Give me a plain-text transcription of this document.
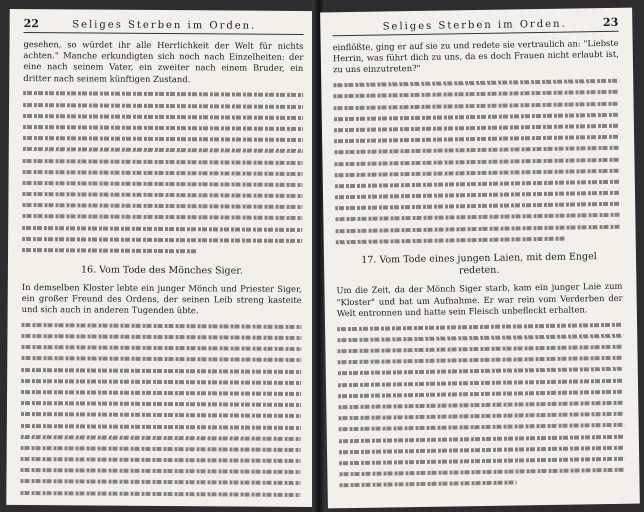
22	Seliges Sterben im Orden.

gesehen, so würdet ihr alle Herrlichkeit der Welt für nichts achten." Manche erkundigten sich noch nach Einzelheiten: der eine nach seinem Vater, ein zweiter nach einem Bruder, ein dritter nach seinem künftigen Zustand.

16. Vom Tode des Mönches Siger.

In demselben Kloster lebte ein junger Mönch und Priester Siger, ein großer Freund des Ordens, der seinen Leib streng kasteite und sich auch in anderen Tugenden übte.

Seliges Sterben im Orden.	23

einflößte, ging er auf sie zu und redete sie vertraulich an: "Liebste Herrin, was führt dich zu uns, da es doch Frauen nicht erlaubt ist, zu uns einzutreten?"

17. Vom Tode eines jungen Laien, mit dem Engel redeten.

Um die Zeit, da der Mönch Siger starb, kam ein junger Laie zum "Kloster" und bat um Aufnahme. Er war rein vom Verderben der Welt entronnen und hatte sein Fleisch unbefleckt erhalten.
